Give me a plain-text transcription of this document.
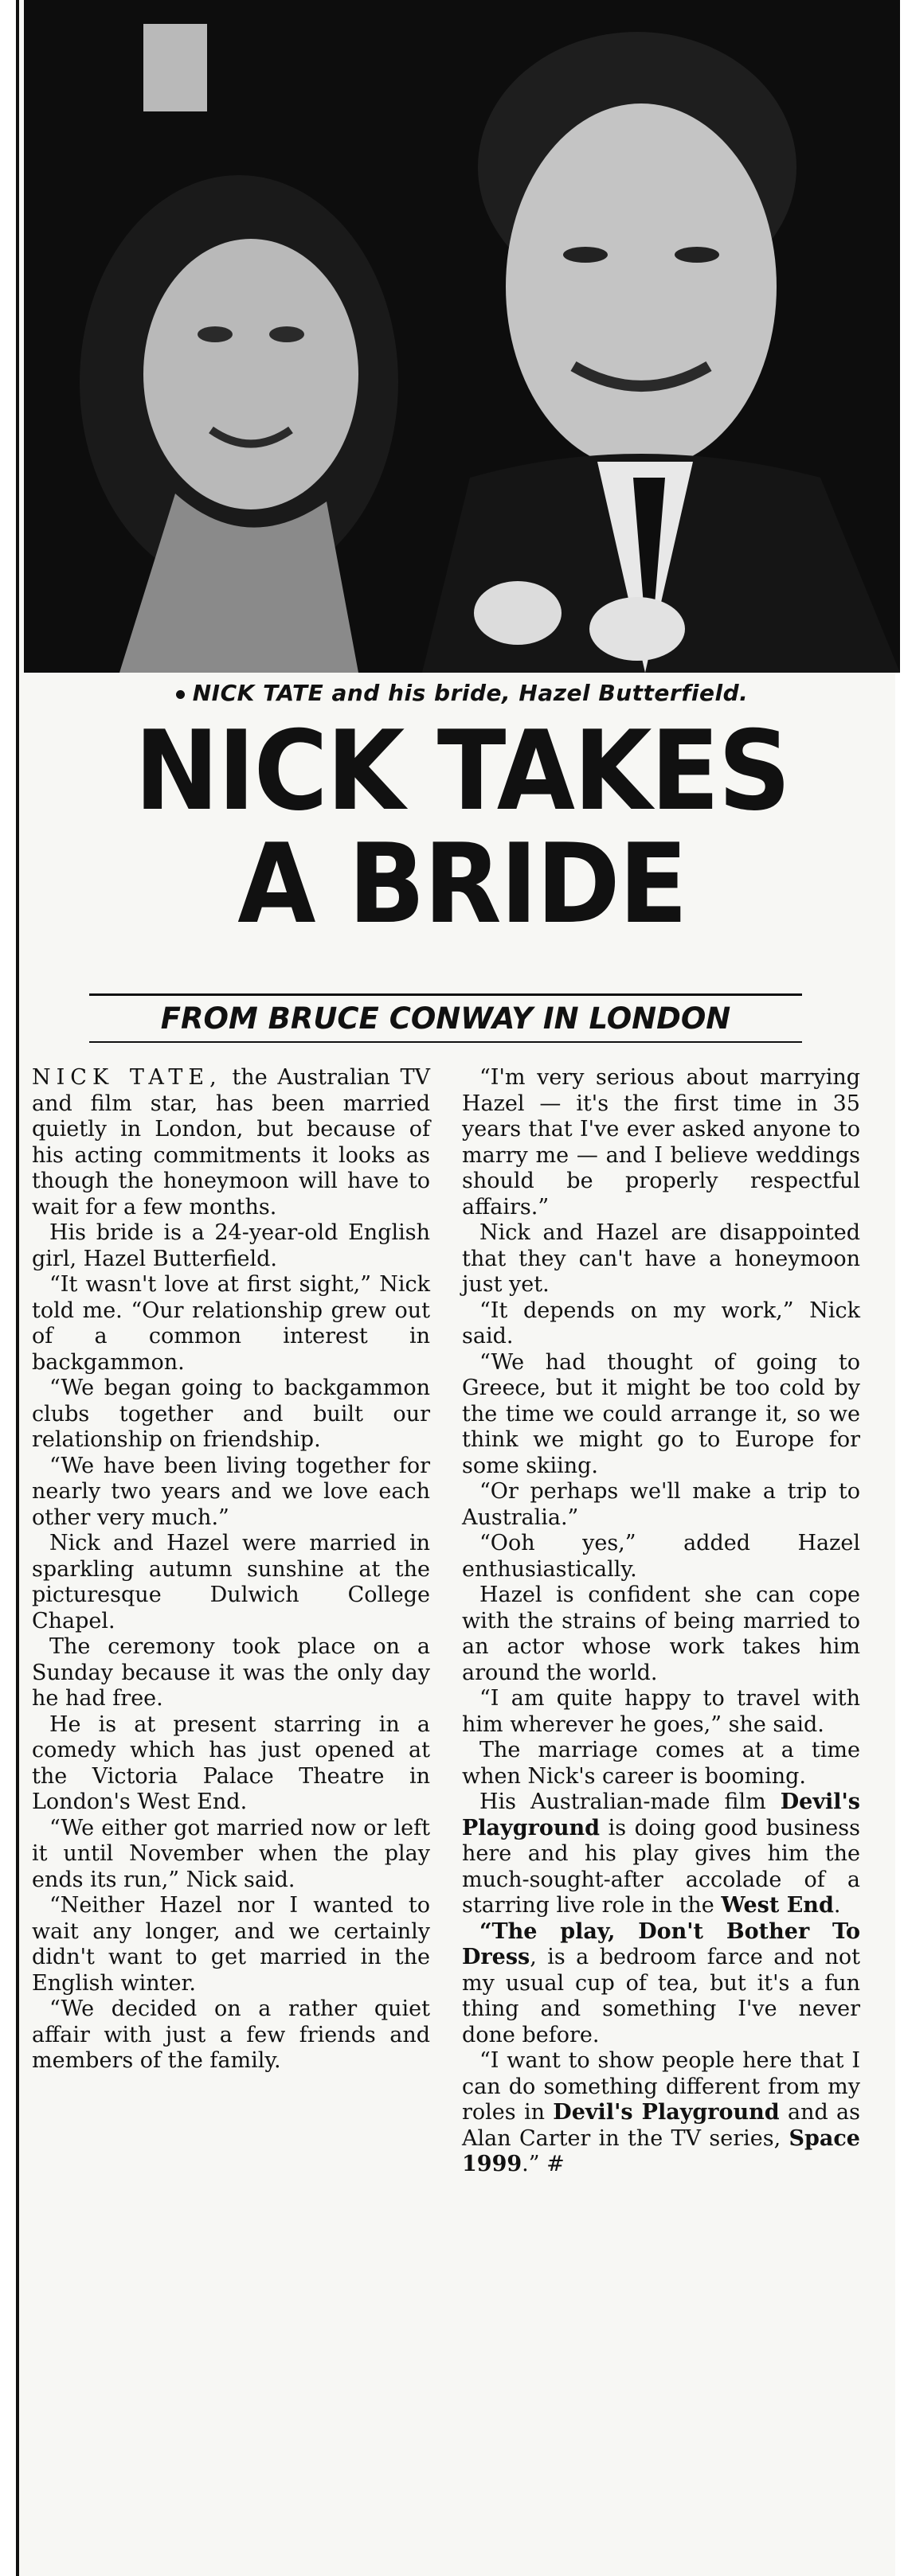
NICK TATE and his bride, Hazel Butterfield.
NICK TAKES
A BRIDE
FROM BRUCE CONWAY IN LONDON

NICK TATE, the Australian TV and film star, has been married quietly in London, but because of his acting commitments it looks as though the honeymoon will have to wait for a few months.

His bride is a 24-year-old English girl, Hazel Butterfield.

“It wasn't love at first sight,” Nick told me. “Our relationship grew out of a common interest in backgammon.

“We began going to backgammon clubs together and built our relationship on friendship.

“We have been living together for nearly two years and we love each other very much.”

Nick and Hazel were married in sparkling autumn sunshine at the picturesque Dulwich College Chapel.

The ceremony took place on a Sunday because it was the only day he had free.

He is at present starring in a comedy which has just opened at the Victoria Palace Theatre in London's West End.

“We either got married now or left it until November when the play ends its run,” Nick said.

“Neither Hazel nor I wanted to wait any longer, and we certainly didn't want to get married in the English winter.

“We decided on a rather quiet affair with just a few friends and members of the family.

“I'm very serious about marrying Hazel — it's the first time in 35 years that I've ever asked anyone to marry me — and I believe weddings should be properly respectful affairs.”

Nick and Hazel are disappointed that they can't have a honeymoon just yet.

“It depends on my work,” Nick said.

“We had thought of going to Greece, but it might be too cold by the time we could arrange it, so we think we might go to Europe for some skiing.

“Or perhaps we'll make a trip to Australia.”

“Ooh yes,” added Hazel enthusiastically.

Hazel is confident she can cope with the strains of being married to an actor whose work takes him around the world.

“I am quite happy to travel with him wherever he goes,” she said.

The marriage comes at a time when Nick's career is booming.

His Australian-made film Devil's Playground is doing good business here and his play gives him the much-sought-after accolade of a starring live role in the West End.

“The play, Don't Bother To Dress, is a bedroom farce and not my usual cup of tea, but it's a fun thing and something I've never done before.

“I want to show people here that I can do something different from my roles in Devil's Playground and as Alan Carter in the TV series, Space 1999.” #
